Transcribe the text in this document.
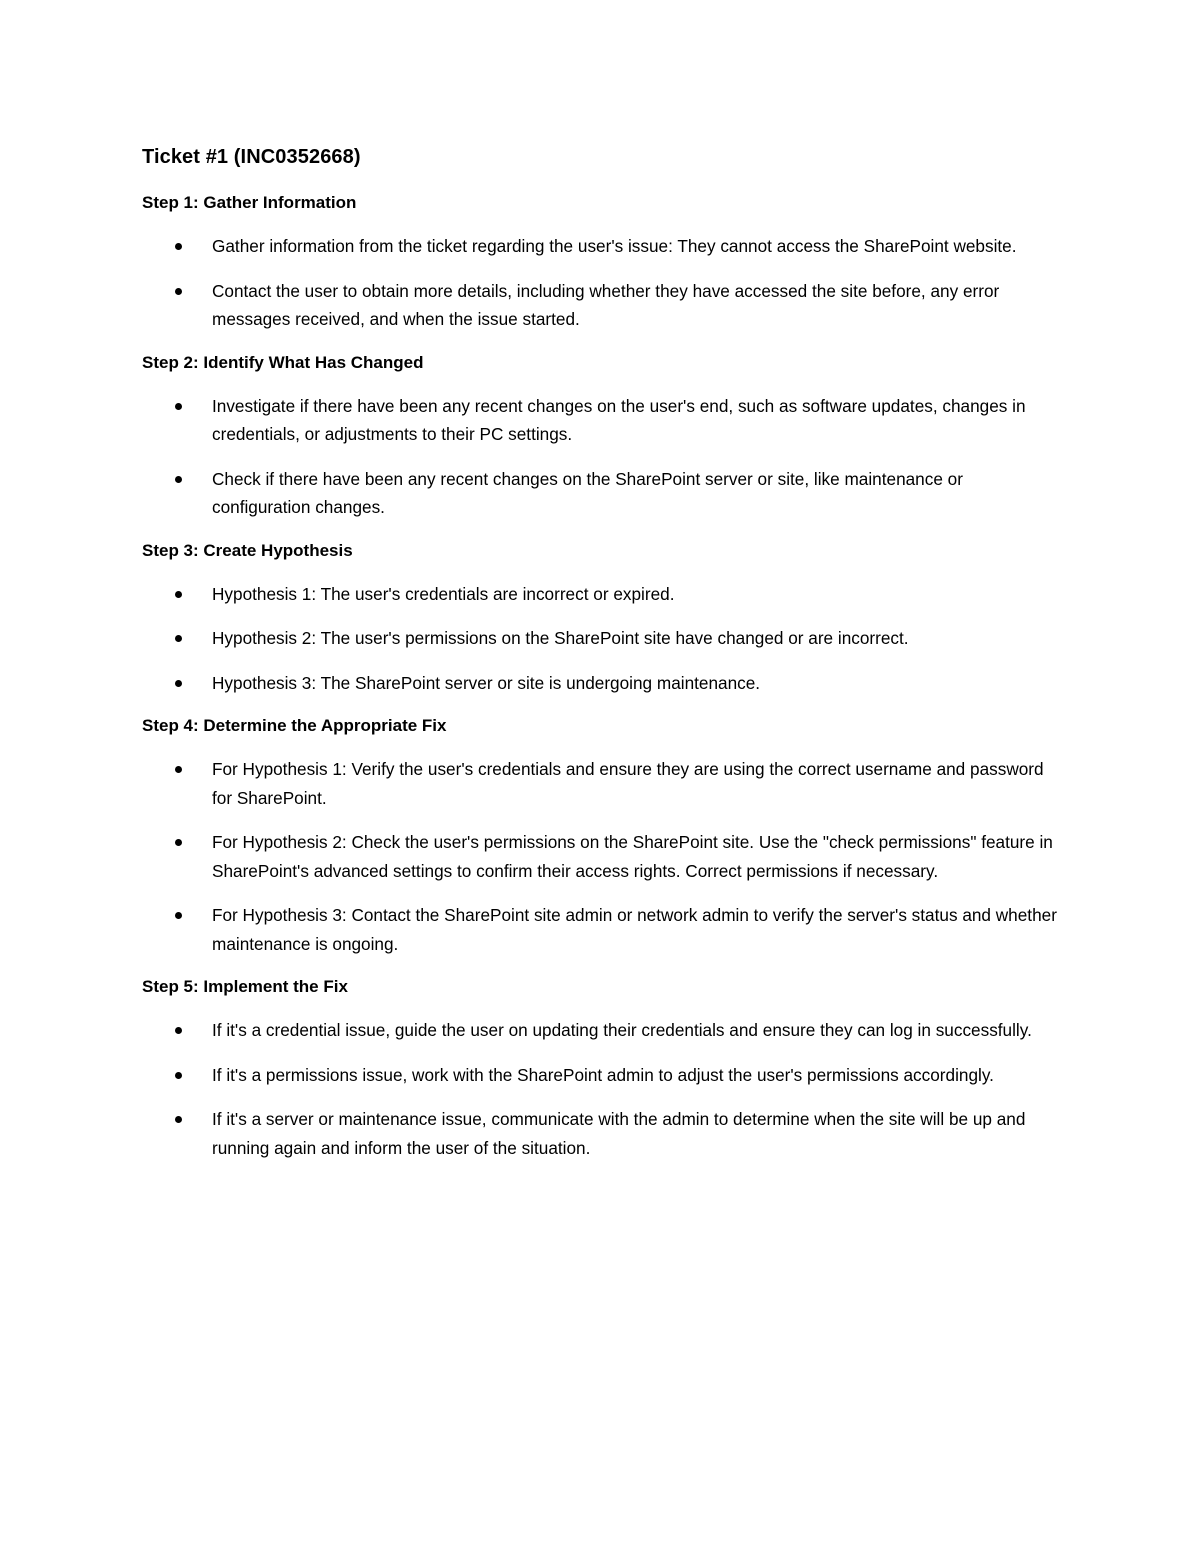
Ticket #1 (INC0352668)
Step 1: Gather Information
Gather information from the ticket regarding the user's issue: They cannot access the SharePoint website.
Contact the user to obtain more details, including whether they have accessed the site before, any error messages received, and when the issue started.
Step 2: Identify What Has Changed
Investigate if there have been any recent changes on the user's end, such as software updates, changes in credentials, or adjustments to their PC settings.
Check if there have been any recent changes on the SharePoint server or site, like maintenance or configuration changes.
Step 3: Create Hypothesis
Hypothesis 1: The user's credentials are incorrect or expired.
Hypothesis 2: The user's permissions on the SharePoint site have changed or are incorrect.
Hypothesis 3: The SharePoint server or site is undergoing maintenance.
Step 4: Determine the Appropriate Fix
For Hypothesis 1: Verify the user's credentials and ensure they are using the correct username and password for SharePoint.
For Hypothesis 2: Check the user's permissions on the SharePoint site. Use the "check permissions" feature in SharePoint's advanced settings to confirm their access rights. Correct permissions if necessary.
For Hypothesis 3: Contact the SharePoint site admin or network admin to verify the server's status and whether maintenance is ongoing.
Step 5: Implement the Fix
If it's a credential issue, guide the user on updating their credentials and ensure they can log in successfully.
If it's a permissions issue, work with the SharePoint admin to adjust the user's permissions accordingly.
If it's a server or maintenance issue, communicate with the admin to determine when the site will be up and running again and inform the user of the situation.
